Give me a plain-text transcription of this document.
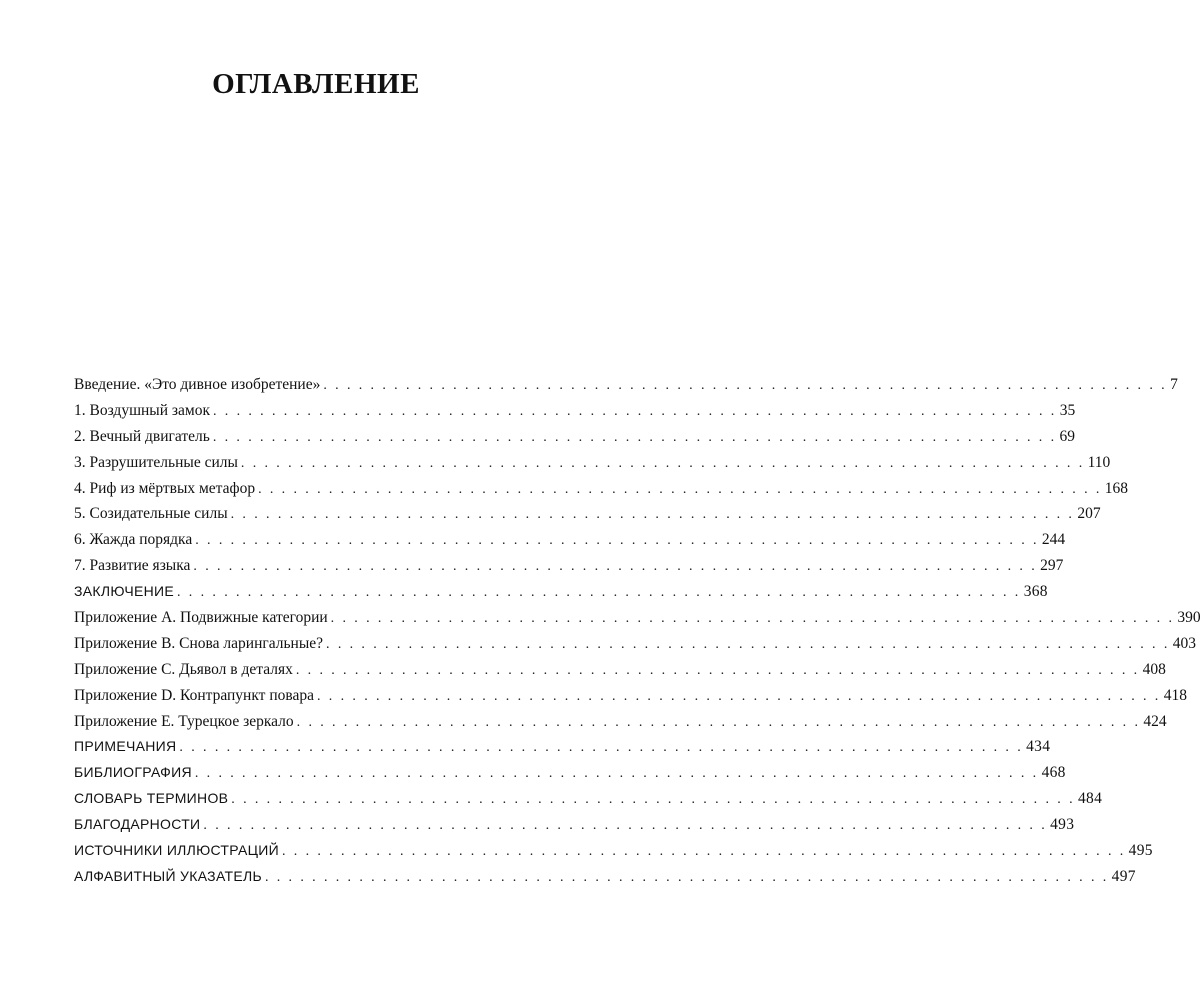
ОГЛАВЛЕНИЕ
Введение. «Это дивное изобретение» . . . . . . . . . . . . . . . . . . . . . . . . . . . . . . . . . . . . . . . . . . . . . . . . . . . . . . . . . . . . . . . . . . . . . . . . 7
1. Воздушный замок . . . . . . . . . . . . . . . . . . . . . . . . . . . . . . . . . . . . . . . . . . . . . . . . . . . . . . . . . . . . . . . . . . . . . . . . 35
2. Вечный двигатель . . . . . . . . . . . . . . . . . . . . . . . . . . . . . . . . . . . . . . . . . . . . . . . . . . . . . . . . . . . . . . . . . . . . . . . . 69
3. Разрушительные силы . . . . . . . . . . . . . . . . . . . . . . . . . . . . . . . . . . . . . . . . . . . . . . . . . . . . . . . . . . . . . . . . . . . . . . . . 110
4. Риф из мёртвых метафор . . . . . . . . . . . . . . . . . . . . . . . . . . . . . . . . . . . . . . . . . . . . . . . . . . . . . . . . . . . . . . . . . . . . . . . . 168
5. Созидательные силы . . . . . . . . . . . . . . . . . . . . . . . . . . . . . . . . . . . . . . . . . . . . . . . . . . . . . . . . . . . . . . . . . . . . . . . . 207
6. Жажда порядка . . . . . . . . . . . . . . . . . . . . . . . . . . . . . . . . . . . . . . . . . . . . . . . . . . . . . . . . . . . . . . . . . . . . . . . . 244
7. Развитие языка . . . . . . . . . . . . . . . . . . . . . . . . . . . . . . . . . . . . . . . . . . . . . . . . . . . . . . . . . . . . . . . . . . . . . . . . 297
ЗАКЛЮЧЕНИЕ . . . . . . . . . . . . . . . . . . . . . . . . . . . . . . . . . . . . . . . . . . . . . . . . . . . . . . . . . . . . . . . . . . . . . . . . 368
Приложение A. Подвижные категории . . . . . . . . . . . . . . . . . . . . . . . . . . . . . . . . . . . . . . . . . . . . . . . . . . . . . . . . . . . . . . . . . . . . . . . . 390
Приложение B. Снова ларингальные? . . . . . . . . . . . . . . . . . . . . . . . . . . . . . . . . . . . . . . . . . . . . . . . . . . . . . . . . . . . . . . . . . . . . . . . . 403
Приложение C. Дьявол в деталях . . . . . . . . . . . . . . . . . . . . . . . . . . . . . . . . . . . . . . . . . . . . . . . . . . . . . . . . . . . . . . . . . . . . . . . . 408
Приложение D. Контрапункт повара . . . . . . . . . . . . . . . . . . . . . . . . . . . . . . . . . . . . . . . . . . . . . . . . . . . . . . . . . . . . . . . . . . . . . . . . 418
Приложение E. Турецкое зеркало . . . . . . . . . . . . . . . . . . . . . . . . . . . . . . . . . . . . . . . . . . . . . . . . . . . . . . . . . . . . . . . . . . . . . . . . 424
ПРИМЕЧАНИЯ . . . . . . . . . . . . . . . . . . . . . . . . . . . . . . . . . . . . . . . . . . . . . . . . . . . . . . . . . . . . . . . . . . . . . . . . 434
БИБЛИОГРАФИЯ . . . . . . . . . . . . . . . . . . . . . . . . . . . . . . . . . . . . . . . . . . . . . . . . . . . . . . . . . . . . . . . . . . . . . . . . 468
СЛОВАРЬ ТЕРМИНОВ . . . . . . . . . . . . . . . . . . . . . . . . . . . . . . . . . . . . . . . . . . . . . . . . . . . . . . . . . . . . . . . . . . . . . . . . 484
БЛАГОДАРНОСТИ . . . . . . . . . . . . . . . . . . . . . . . . . . . . . . . . . . . . . . . . . . . . . . . . . . . . . . . . . . . . . . . . . . . . . . . . 493
ИСТОЧНИКИ ИЛЛЮСТРАЦИЙ . . . . . . . . . . . . . . . . . . . . . . . . . . . . . . . . . . . . . . . . . . . . . . . . . . . . . . . . . . . . . . . . . . . . . . . . 495
АЛФАВИТНЫЙ УКАЗАТЕЛЬ . . . . . . . . . . . . . . . . . . . . . . . . . . . . . . . . . . . . . . . . . . . . . . . . . . . . . . . . . . . . . . . . . . . . . . . . 497
